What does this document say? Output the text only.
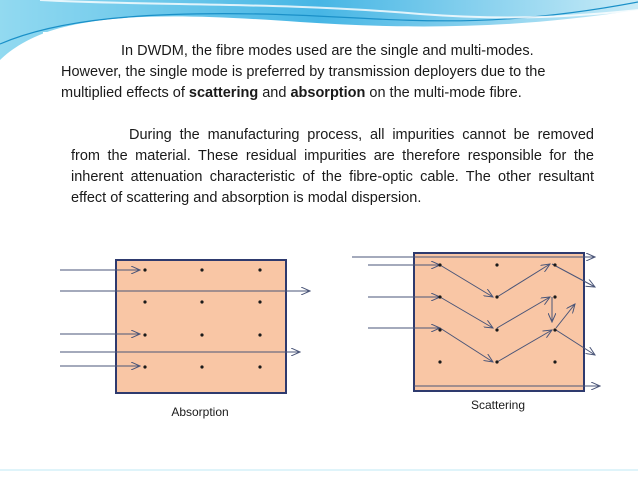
In DWDM, the fibre modes used are the single and multi-modes. However, the single mode is preferred by transmission deployers due to the multiplied effects of scattering and absorption on the multi-mode fibre.

During the manufacturing process, all impurities cannot be removed from the material. These residual impurities are therefore responsible for the inherent attenuation characteristic of the fibre-optic cable. The other resultant effect of scattering and absorption is modal dispersion.

Absorption	Scattering
